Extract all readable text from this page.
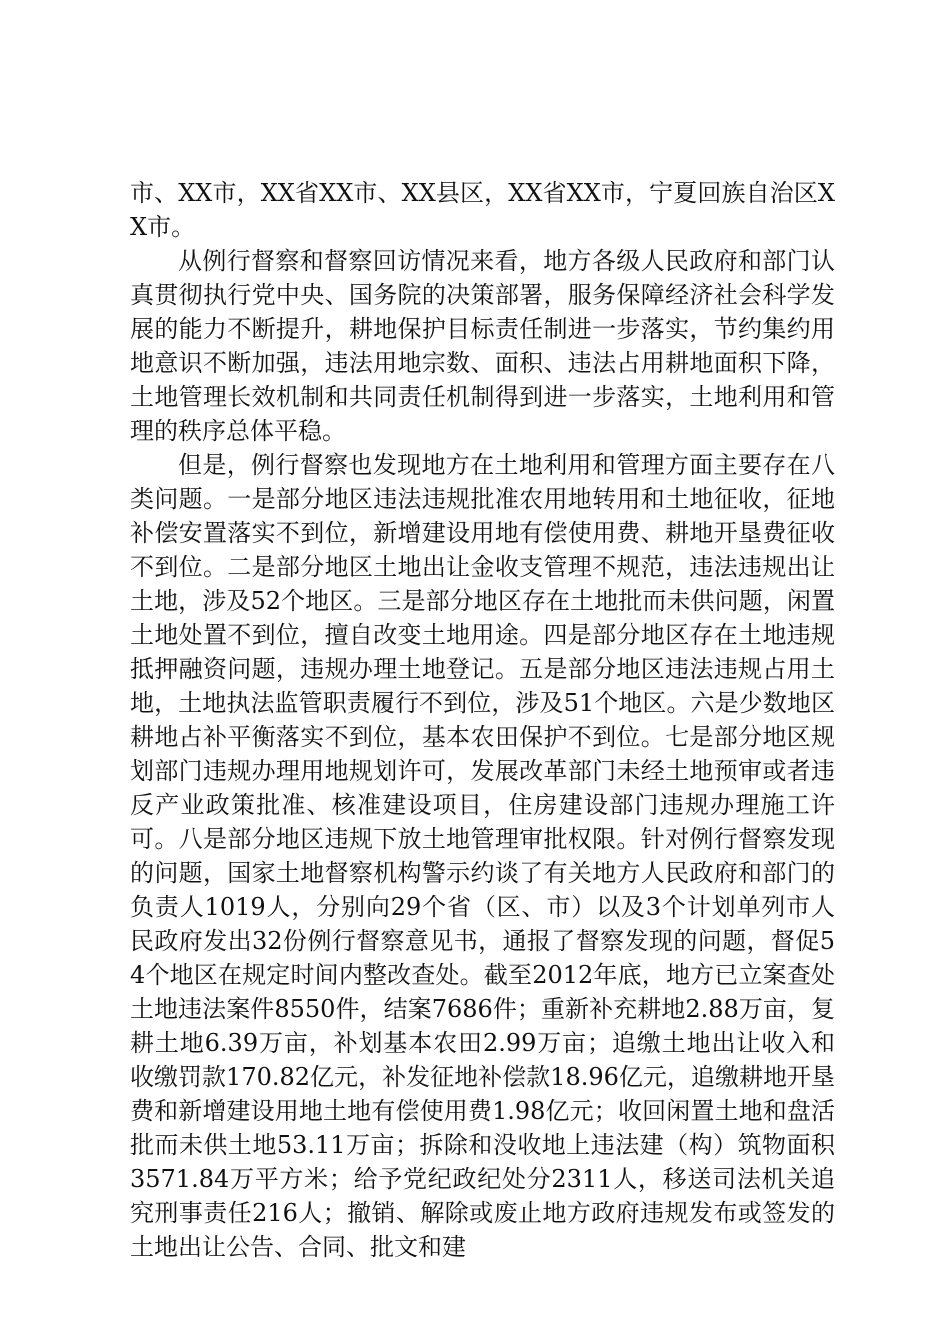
市、XX市，XX省XX市、XX县区，XX省XX市，宁夏回族自治区XX市。

从例行督察和督察回访情况来看，地方各级人民政府和部门认真贯彻执行党中央、国务院的决策部署，服务保障经济社会科学发展的能力不断提升，耕地保护目标责任制进一步落实，节约集约用地意识不断加强，违法用地宗数、面积、违法占用耕地面积下降，土地管理长效机制和共同责任机制得到进一步落实，土地利用和管理的秩序总体平稳。

但是，例行督察也发现地方在土地利用和管理方面主要存在八类问题。一是部分地区违法违规批准农用地转用和土地征收，征地补偿安置落实不到位，新增建设用地有偿使用费、耕地开垦费征收不到位。二是部分地区土地出让金收支管理不规范，违法违规出让土地，涉及52个地区。三是部分地区存在土地批而未供问题，闲置土地处置不到位，擅自改变土地用途。四是部分地区存在土地违规抵押融资问题，违规办理土地登记。五是部分地区违法违规占用土地，土地执法监管职责履行不到位，涉及51个地区。六是少数地区耕地占补平衡落实不到位，基本农田保护不到位。七是部分地区规划部门违规办理用地规划许可，发展改革部门未经土地预审或者违反产业政策批准、核准建设项目，住房建设部门违规办理施工许可。八是部分地区违规下放土地管理审批权限。针对例行督察发现的问题，国家土地督察机构警示约谈了有关地方人民政府和部门的负责人1019人，分别向29个省（区、市）以及3个计划单列市人民政府发出32份例行督察意见书，通报了督察发现的问题，督促54个地区在规定时间内整改查处。截至2012年底，地方已立案查处土地违法案件8550件，结案7686件；重新补充耕地2.88万亩，复耕土地6.39万亩，补划基本农田2.99万亩；追缴土地出让收入和收缴罚款170.82亿元，补发征地补偿款18.96亿元，追缴耕地开垦费和新增建设用地土地有偿使用费1.98亿元；收回闲置土地和盘活批而未供土地53.11万亩；拆除和没收地上违法建（构）筑物面积3571.84万平方米；给予党纪政纪处分2311人，移送司法机关追究刑事责任216人；撤销、解除或废止地方政府违规发布或签发的土地出让公告、合同、批文和建
